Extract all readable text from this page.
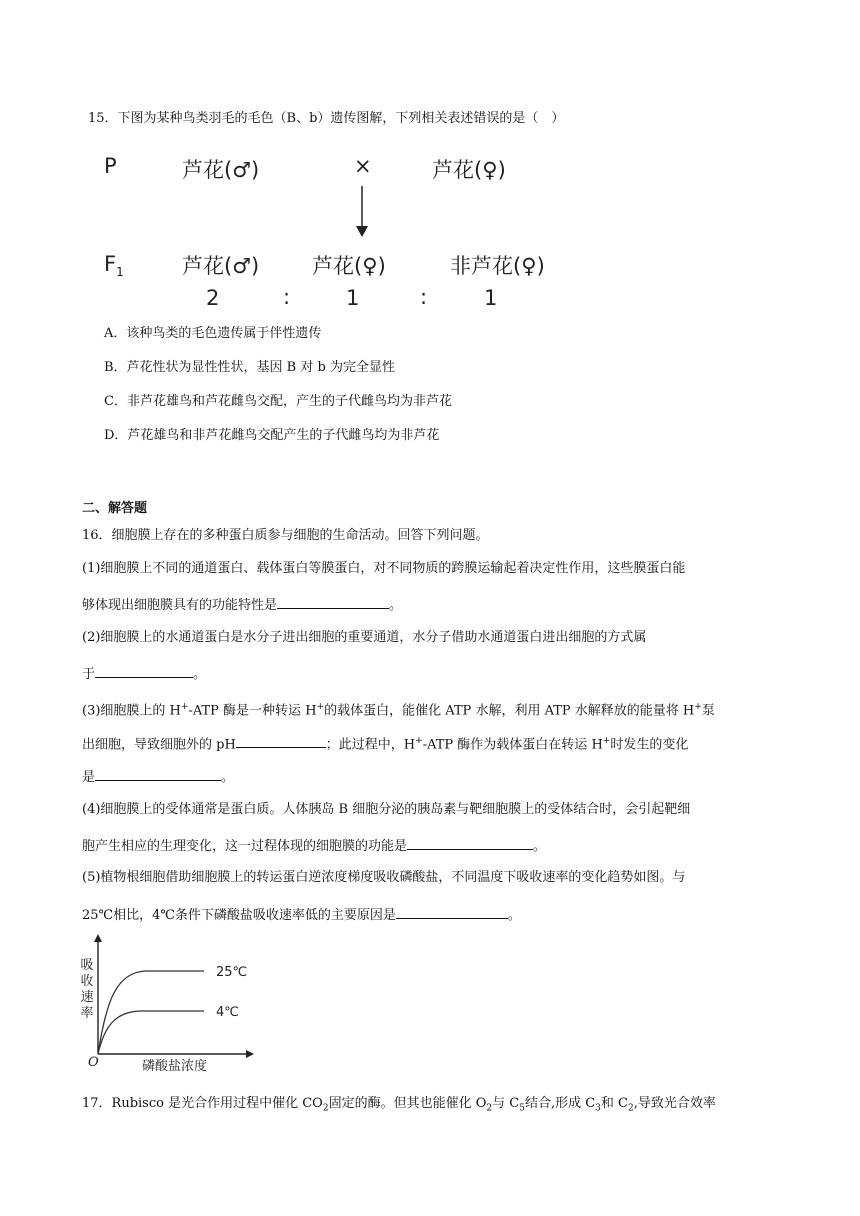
15．下图为某种鸟类羽毛的毛色（B、b）遗传图解，下列相关表述错误的是（　）
P	芦花(♂)	×	芦花(♀)
$F_1$	芦花(♂)	芦花(♀)	非芦花(♀)
2	:	1	:	1
A．该种鸟类的毛色遗传属于伴性遗传
B．芦花性状为显性性状，基因 B 对 b 为完全显性
C．非芦花雄鸟和芦花雌鸟交配，产生的子代雌鸟均为非芦花
D．芦花雄鸟和非芦花雌鸟交配产生的子代雌鸟均为非芦花
二、解答题
16．细胞膜上存在的多种蛋白质参与细胞的生命活动。回答下列问题。
(1)细胞膜上不同的通道蛋白、载体蛋白等膜蛋白，对不同物质的跨膜运输起着决定性作用，这些膜蛋白能
够体现出细胞膜具有的功能特性是	。
(2)细胞膜上的水通道蛋白是水分子进出细胞的重要通道，水分子借助水通道蛋白进出细胞的方式属
于	。
(3)细胞膜上的 H+-ATP 酶是一种转运 H+的载体蛋白，能催化 ATP 水解，利用 ATP 水解释放的能量将 H+泵
出细胞，导致细胞外的 pH	；此过程中，H+-ATP 酶作为载体蛋白在转运 H+时发生的变化
是	。
(4)细胞膜上的受体通常是蛋白质。人体胰岛 B 细胞分泌的胰岛素与靶细胞膜上的受体结合时，会引起靶细
胞产生相应的生理变化，这一过程体现的细胞膜的功能是	。
(5)植物根细胞借助细胞膜上的转运蛋白逆浓度梯度吸收磷酸盐，不同温度下吸收速率的变化趋势如图。与
25℃相比，4℃条件下磷酸盐吸收速率低的主要原因是	。
25℃
4℃
O	磷酸盐浓度
吸收速率
17．Rubisco 是光合作用过程中催化 $CO_2$固定的酶。但其也能催化 $O_2$与 $C_5$结合,形成 $C_3$和 $C_2$,导致光合效率
